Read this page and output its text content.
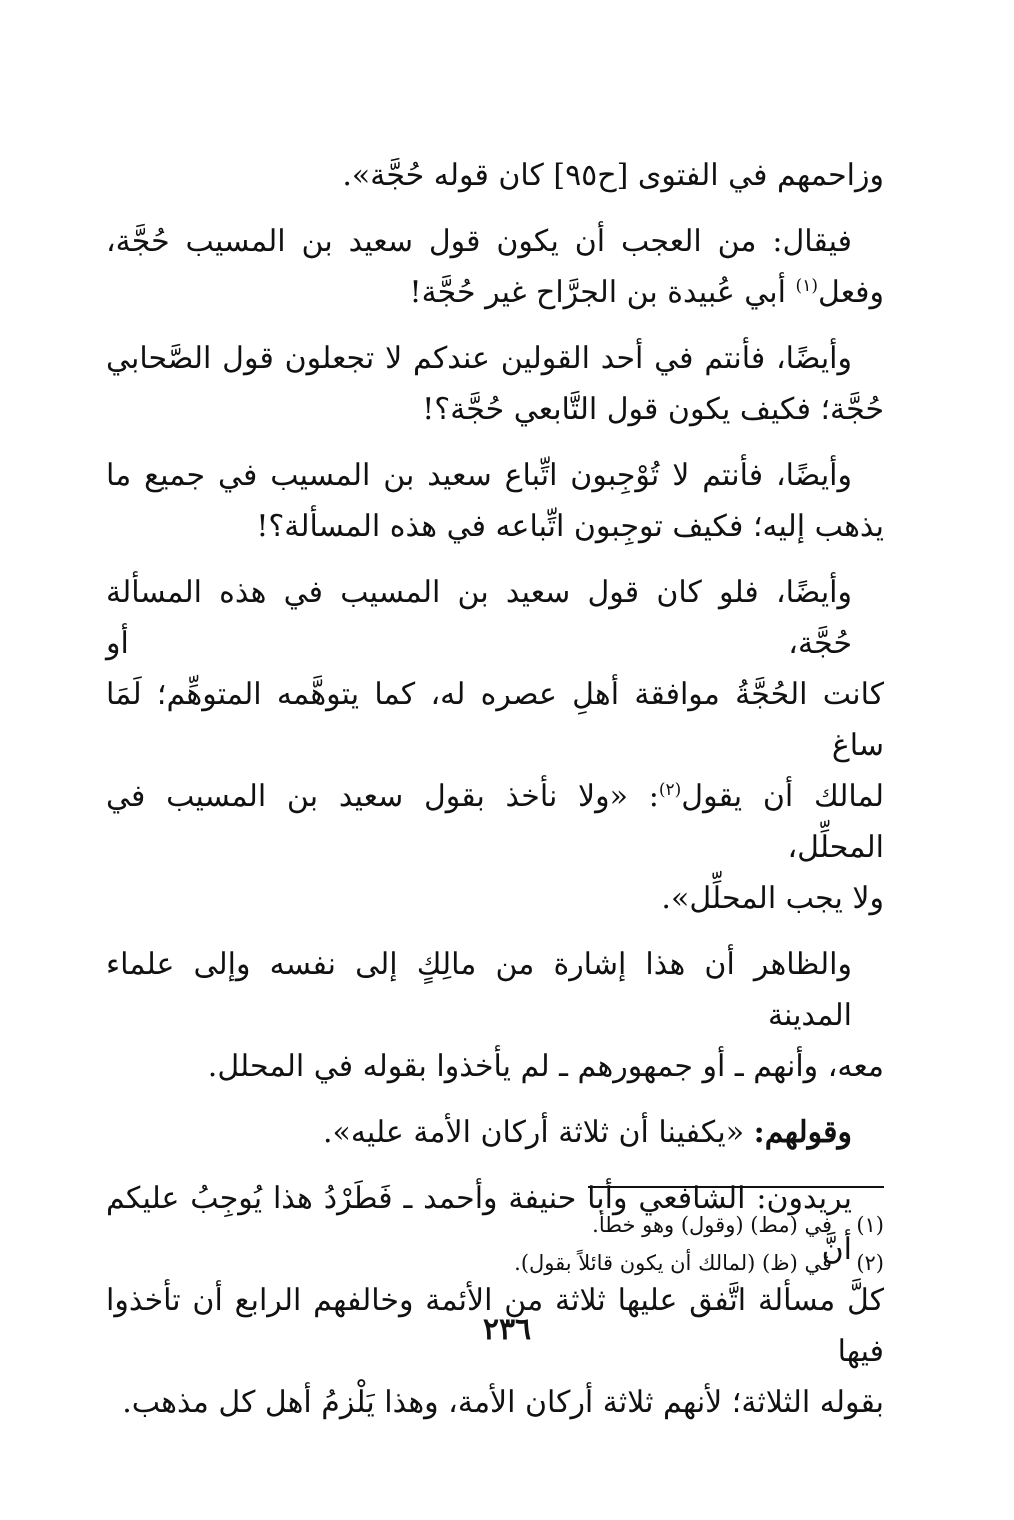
وزاحمهم في الفتوى [ح٩٥] كان قوله حُجَّة».

فيقال: من العجب أن يكون قول سعيد بن المسيب حُجَّة،
وفعل$^{(١)}$ أبي عُبيدة بن الجرَّاح غير حُجَّة!

وأيضًا، فأنتم في أحد القولين عندكم لا تجعلون قول الصَّحابي
حُجَّة؛ فكيف يكون قول التَّابعي حُجَّة؟!

وأيضًا، فأنتم لا تُوْجِبون اتِّباع سعيد بن المسيب في جميع ما
يذهب إليه؛ فكيف توجِبون اتِّباعه في هذه المسألة؟!

وأيضًا، فلو كان قول سعيد بن المسيب في هذه المسألة حُجَّة، أو
كانت الحُجَّةُ موافقة أهلِ عصره له، كما يتوهَّمه المتوهِّم؛ لَمَا ساغ
لمالك أن يقول$^{(٢)}$: «ولا نأخذ بقول سعيد بن المسيب في المحلِّل،
ولا يجب المحلِّل».

والظاهر أن هذا إشارة من مالِكٍ إلى نفسه وإلى علماء المدينة
معه، وأنهم ـ أو جمهورهم ـ لم يأخذوا بقوله في المحلل.

وقولهم: «يكفينا أن ثلاثة أركان الأمة عليه».

يريدون: الشافعي وأبا حنيفة وأحمد ـ فَطَرْدُ هذا يُوجِبُ عليكم أنَّ
كلَّ مسألة اتَّفق عليها ثلاثة من الأئمة وخالفهم الرابع أن تأخذوا فيها
بقوله الثلاثة؛ لأنهم ثلاثة أركان الأمة، وهذا يَلْزمُ أهل كل مذهب.

(١)في (مط) (وقول) وهو خطأ.
(٢)في (ظ) (لمالك أن يكون قائلاً بقول).
٢٣٦
